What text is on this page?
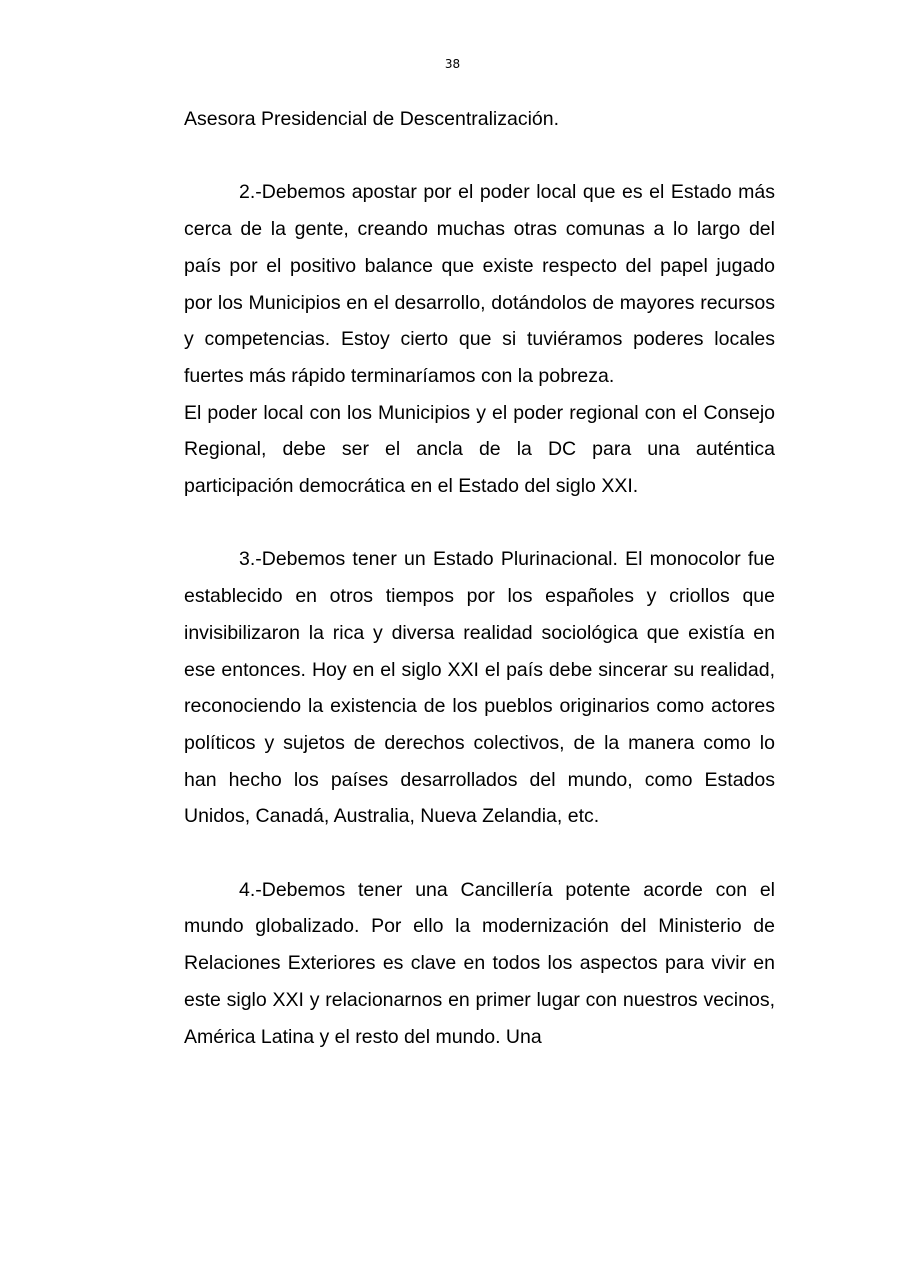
38

Asesora Presidencial de Descentralización.

2.-Debemos apostar por el poder local que es el Estado más cerca de la gente, creando muchas otras comunas a lo largo del país por el positivo balance que existe respecto del papel jugado por los Municipios en el desarrollo, dotándolos de mayores recursos y competencias. Estoy cierto que si tuviéramos poderes locales fuertes más rápido terminaríamos con la pobreza.

El poder local con los Municipios y el poder regional con el Consejo Regional, debe ser el ancla de la DC para una auténtica participación democrática en el Estado del siglo XXI.

3.-Debemos tener un Estado Plurinacional. El monocolor fue establecido en otros tiempos por los españoles y criollos que invisibilizaron la rica y diversa realidad sociológica que existía en ese entonces. Hoy en el siglo XXI el país debe sincerar su realidad, reconociendo la existencia de los pueblos originarios como actores políticos y sujetos de derechos colectivos, de la manera como lo han hecho los países desarrollados del mundo, como Estados Unidos, Canadá, Australia, Nueva Zelandia, etc.

4.-Debemos tener una Cancillería potente acorde con el mundo globalizado. Por ello la modernización del Ministerio de Relaciones Exteriores es clave en todos los aspectos para vivir en este siglo XXI y relacionarnos en primer lugar con nuestros vecinos, América Latina y el resto del mundo. Una
